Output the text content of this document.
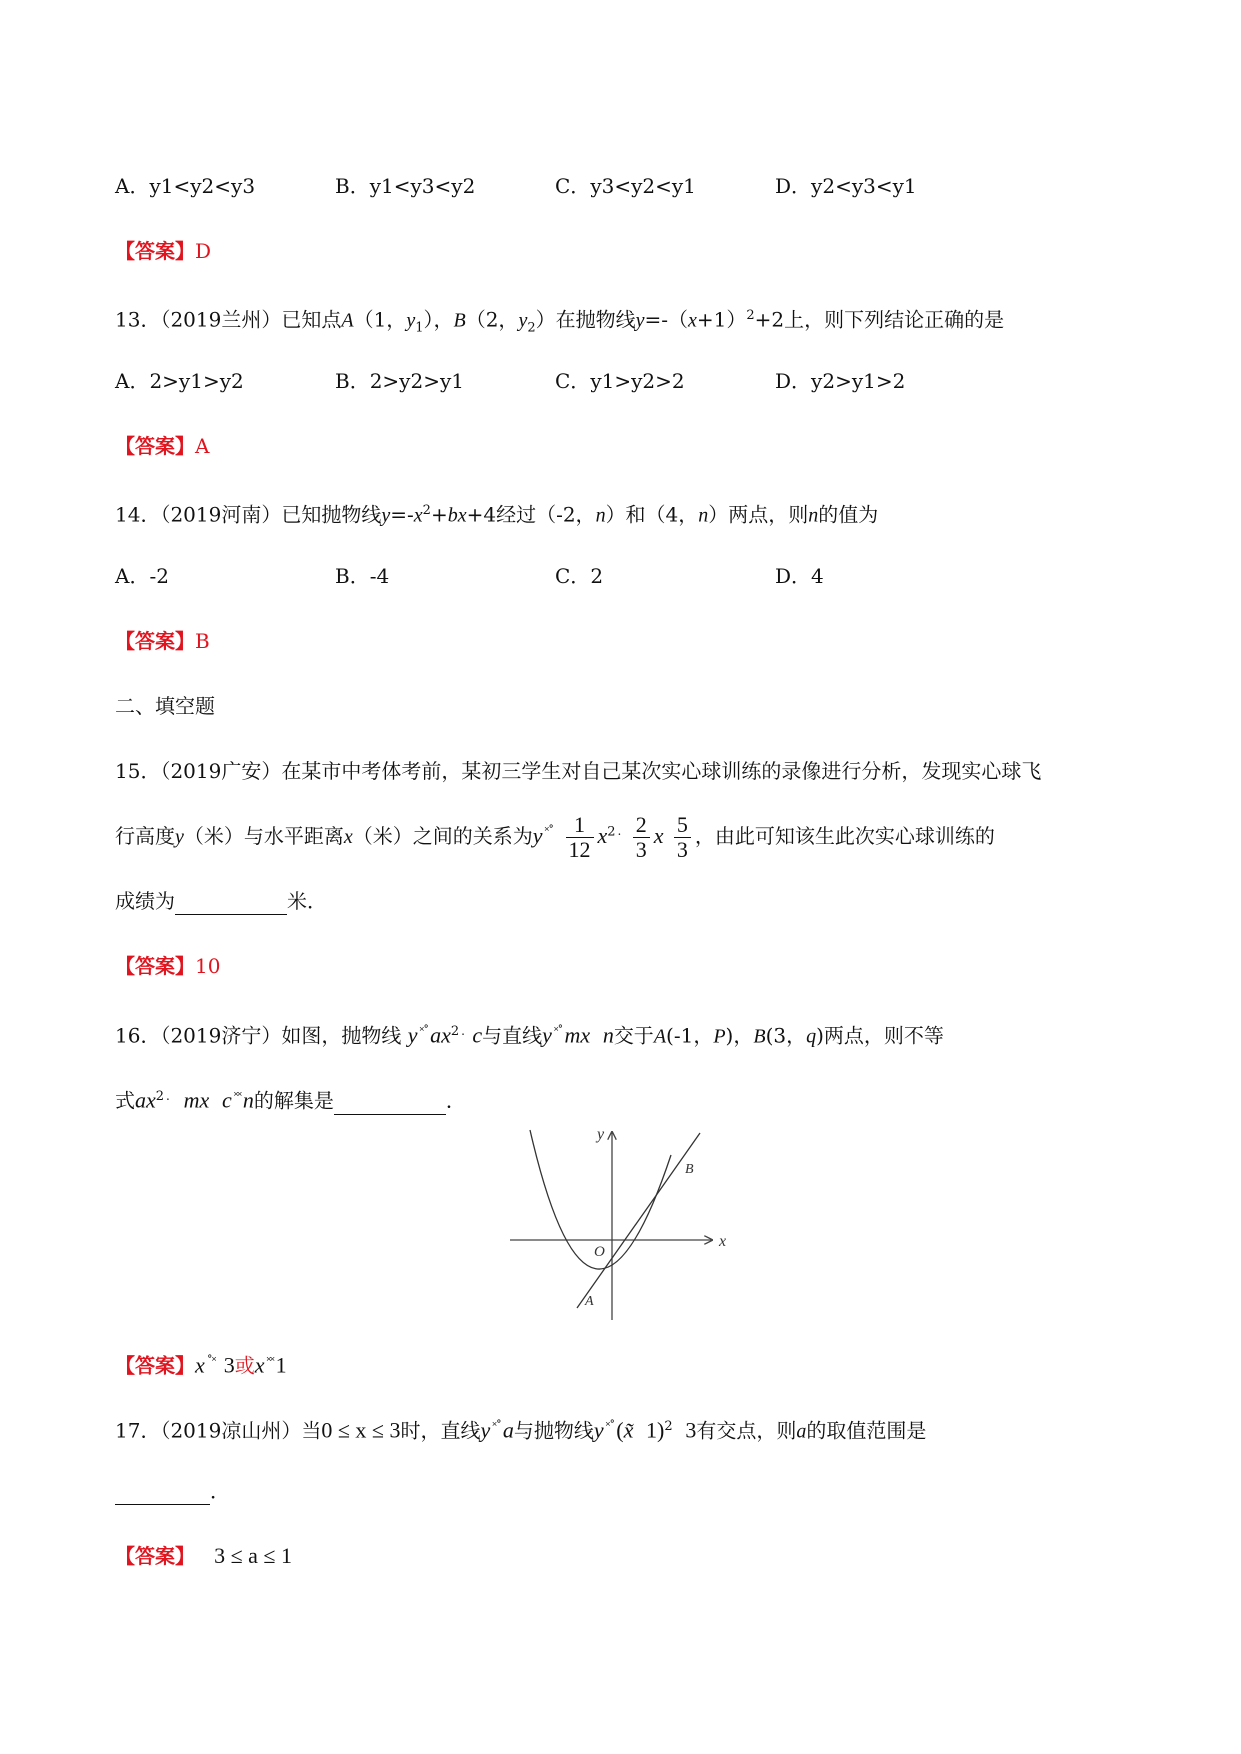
A．y1<y2<y3	B．y1<y3<y2	C．y3<y2<y1	D．y2<y3<y1
【答案】D
13．（2019兰州）已知点A（1，$y_1$），B（2，$y_2$）在抛物线$y=-(x+1)^2+2$上，则下列结论正确的是
A．2>y1>y2	B．2>y2>y1	C．y1>y2>2	D．y2>y1>2
【答案】A
14．（2019河南）已知抛物线$y=-x^2+bx+4$经过（-2，n）和（4，n）两点，则n的值为
A．-2	B．-4	C．2	D．4
【答案】B
二、填空题
15．（2019广安）在某市中考体考前，某初三学生对自己某次实心球训练的录像进行分析，发现实心球飞
行高度y（米）与水平距离x（米）之间的关系为y $^{˟˚} \frac{1}{12} x^2$ $^. \frac{2}{3}$ x $\frac{5}{3}$ ，由此可知该生此次实心球训练的
成绩为	米．
【答案】10
16．（2019济宁）如图，抛物线 y $^{˟˚}ax^2$ . c与直线y ˟˚mx n交于A(-1，P)，B(3，q)两点，则不等
式$ax^2$ . mx c ˟˟n的解集是	．
y
x
O
A
B
【答案】x ˚˟ 3或x ˟˟1
17．（2019凉山州）当0 ≤ x ≤ 3时，直线y ˟˚a与抛物线y ˟˚(x̃ 1)$^2$ 3有交点，则a的取值范围是
．
【答案】 3 ≤ a ≤ 1
